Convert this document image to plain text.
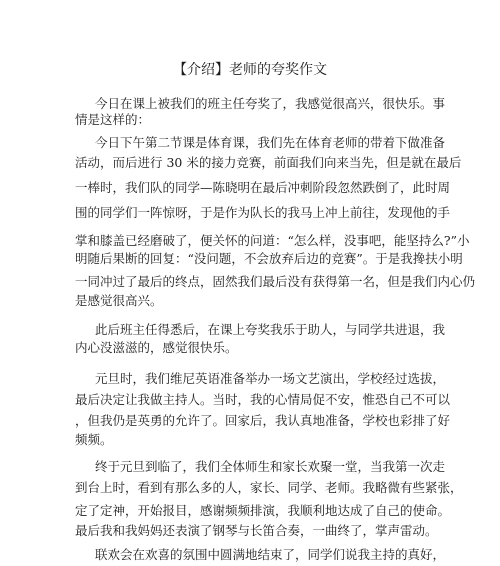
【介绍】老师的夸奖作文

今日在课上被我们的班主任夸奖了，我感觉很高兴，很快乐。事

情是这样的：

今日下午第二节课是体育课，我们先在体育老师的带着下做准备

活动，而后进行 30 米的接力竞赛，前面我们向来当先，但是就在最后

一棒时，我们队的同学—陈晓明在最后冲刺阶段忽然跌倒了，此时周

围的同学们一阵惊呀，于是作为队长的我马上冲上前往，发现他的手

掌和膝盖已经磨破了，便关怀的问道：“怎么样，没事吧，能坚持么?”小

明随后果断的回复：“没问题，不会放弃后边的竞赛”。于是我搀扶小明

一同冲过了最后的终点，固然我们最后没有获得第一名，但是我们内心仍

是感觉很高兴。

此后班主任得悉后，在课上夸奖我乐于助人，与同学共进退，我

内心没滋滋的，感觉很快乐。

元旦时，我们维尼英语准备举办一场文艺演出，学校经过选拔，

最后决定让我做主持人。当时，我的心情局促不安，惟恐自己不可以

，但我仍是英勇的允许了。回家后，我认真地准备，学校也彩排了好

频频。

终于元旦到临了，我们全体师生和家长欢聚一堂，当我第一次走

到台上时，看到有那么多的人，家长、同学、老师。我略微有些紧张，

定了定神，开始报目，感谢频频排演，我顺利地达成了自己的使命。

最后我和我妈妈还表演了钢琴与长笛合奏，一曲终了，掌声雷动。

联欢会在欢喜的氛围中圆满地结束了，同学们说我主持的真好，
